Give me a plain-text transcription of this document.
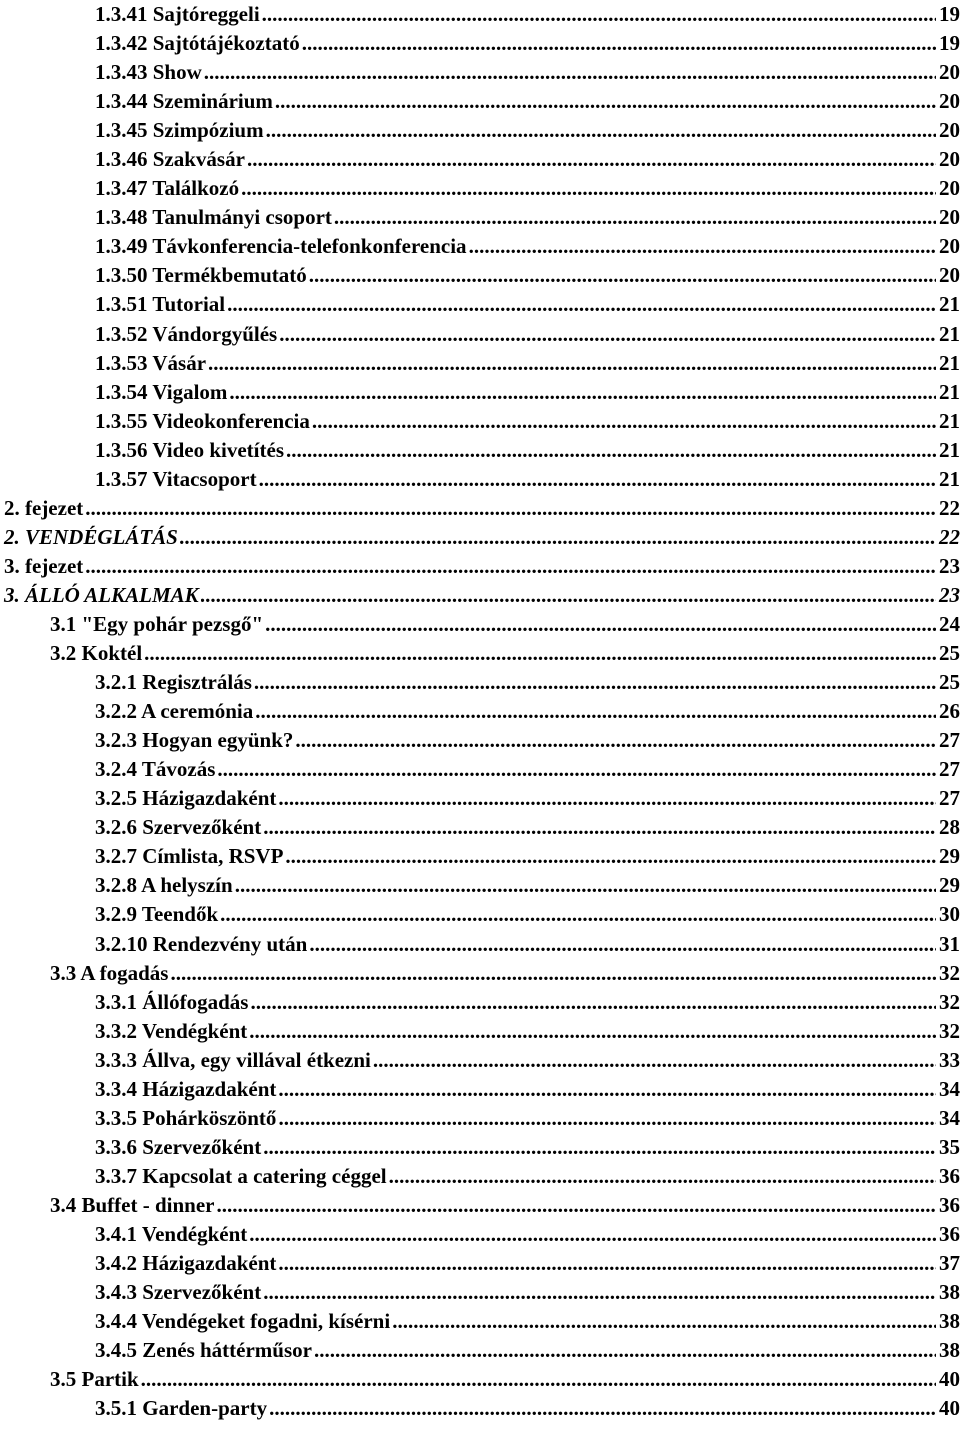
1.3.41 Sajtóreggeli .....	19
1.3.42 Sajtótájékoztató .....	19
1.3.43 Show .....	20
1.3.44 Szeminárium .....	20
1.3.45 Szimpózium .....	20
1.3.46 Szakvásár .....	20
1.3.47 Találkozó .....	20
1.3.48 Tanulmányi csoport .....	20
1.3.49 Távkonferencia-telefonkonferencia .....	20
1.3.50 Termékbemutató .....	20
1.3.51 Tutorial .....	21
1.3.52 Vándorgyűlés .....	21
1.3.53 Vásár .....	21
1.3.54 Vigalom .....	21
1.3.55 Videokonferencia .....	21
1.3.56 Video kivetítés .....	21
1.3.57 Vitacsoport .....	21
2. fejezet .....	22
2. VENDÉGLÁTÁS .....	22
3. fejezet .....	23
3. ÁLLÓ ALKALMAK .....	23
3.1 "Egy pohár pezsgő" .....	24
3.2 Koktél .....	25
3.2.1 Regisztrálás .....	25
3.2.2 A ceremónia .....	26
3.2.3 Hogyan együnk? .....	27
3.2.4 Távozás .....	27
3.2.5 Házigazdaként .....	27
3.2.6 Szervezőként .....	28
3.2.7 Címlista, RSVP .....	29
3.2.8 A helyszín .....	29
3.2.9 Teendők .....	30
3.2.10 Rendezvény után .....	31
3.3 A fogadás .....	32
3.3.1 Állófogadás .....	32
3.3.2 Vendégként .....	32
3.3.3 Állva, egy villával étkezni .....	33
3.3.4 Házigazdaként .....	34
3.3.5 Pohárköszöntő .....	34
3.3.6 Szervezőként .....	35
3.3.7 Kapcsolat a catering céggel .....	36
3.4 Buffet - dinner .....	36
3.4.1 Vendégként .....	36
3.4.2 Házigazdaként .....	37
3.4.3 Szervezőként .....	38
3.4.4 Vendégeket fogadni, kísérni .....	38
3.4.5 Zenés háttérműsor .....	38
3.5 Partik .....	40
3.5.1 Garden-party .....	40
